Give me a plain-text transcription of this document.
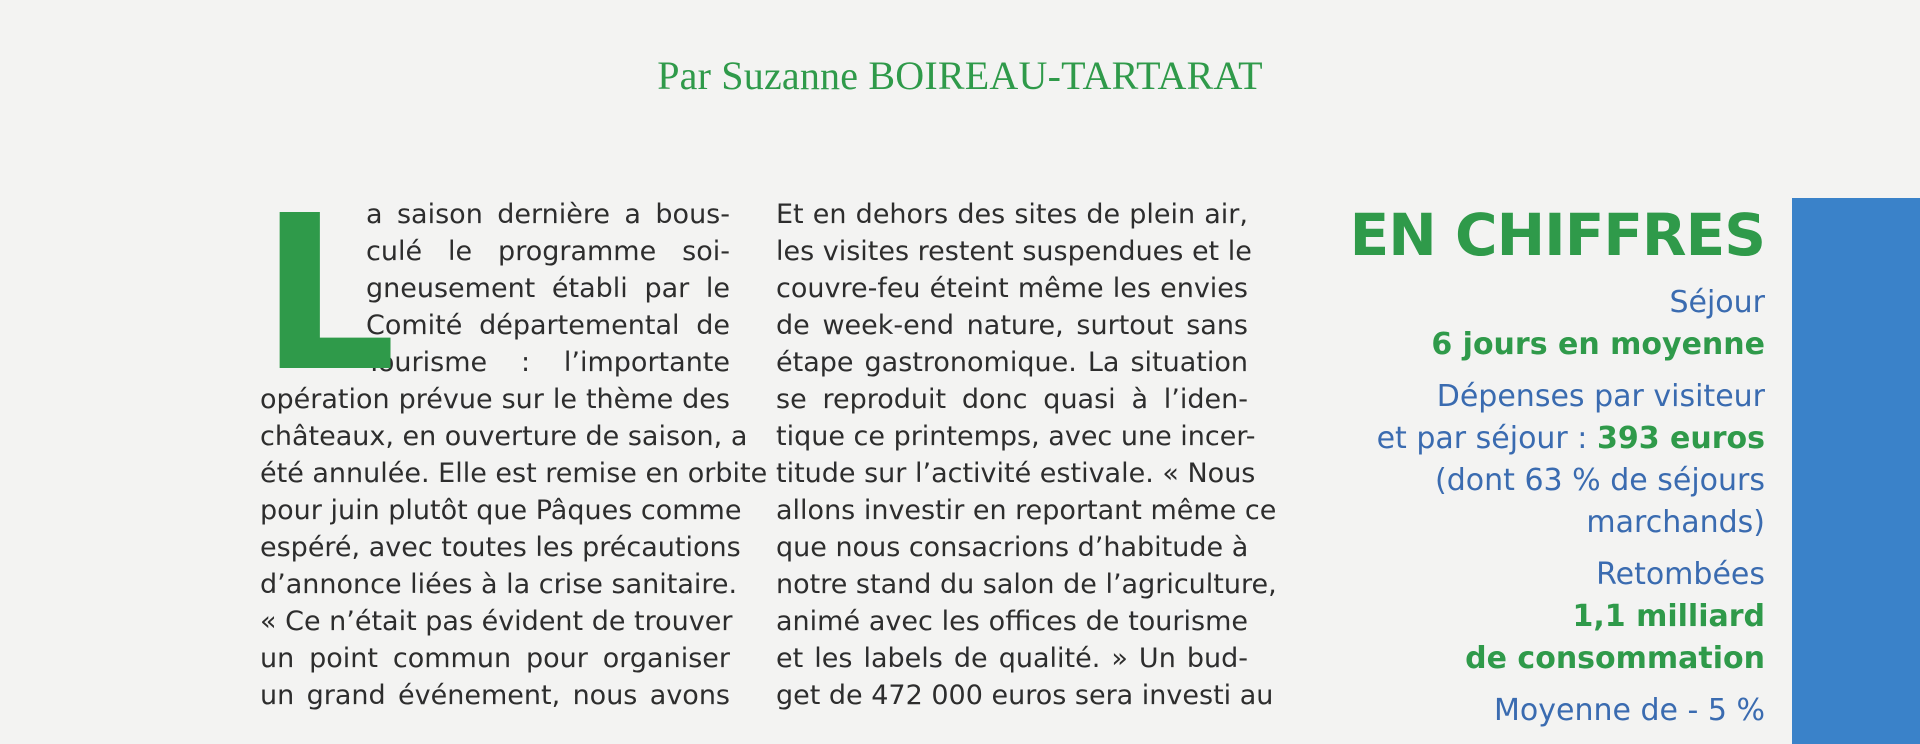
Par Suzanne BOIREAU-TARTARAT
L
a saison dernière a bous-
culé le programme soi-
gneusement établi par le
Comité départemental de
Tourisme : l’importante
opération prévue sur le thème des
châteaux, en ouverture de saison, a
été annulée. Elle est remise en orbite
pour juin plutôt que Pâques comme
espéré, avec toutes les précautions
d’annonce liées à la crise sanitaire.
« Ce n’était pas évident de trouver
un point commun pour organiser
un grand événement, nous avons
Et en dehors des sites de plein air,
les visites restent suspendues et le
couvre-feu éteint même les envies
de week-end nature, surtout sans
étape gastronomique. La situation
se reproduit donc quasi à l’iden-
tique ce printemps, avec une incer-
titude sur l’activité estivale. « Nous
allons investir en reportant même ce
que nous consacrions d’habitude à
notre stand du salon de l’agriculture,
animé avec les offices de tourisme
et les labels de qualité. » Un bud-
get de 472 000 euros sera investi au
EN CHIFFRES
Séjour
6 jours en moyenne
Dépenses par visiteur
et par séjour : 393 euros
(dont 63 % de séjours
marchands)
Retombées
1,1 milliard
de consommation
Moyenne de - 5 %
